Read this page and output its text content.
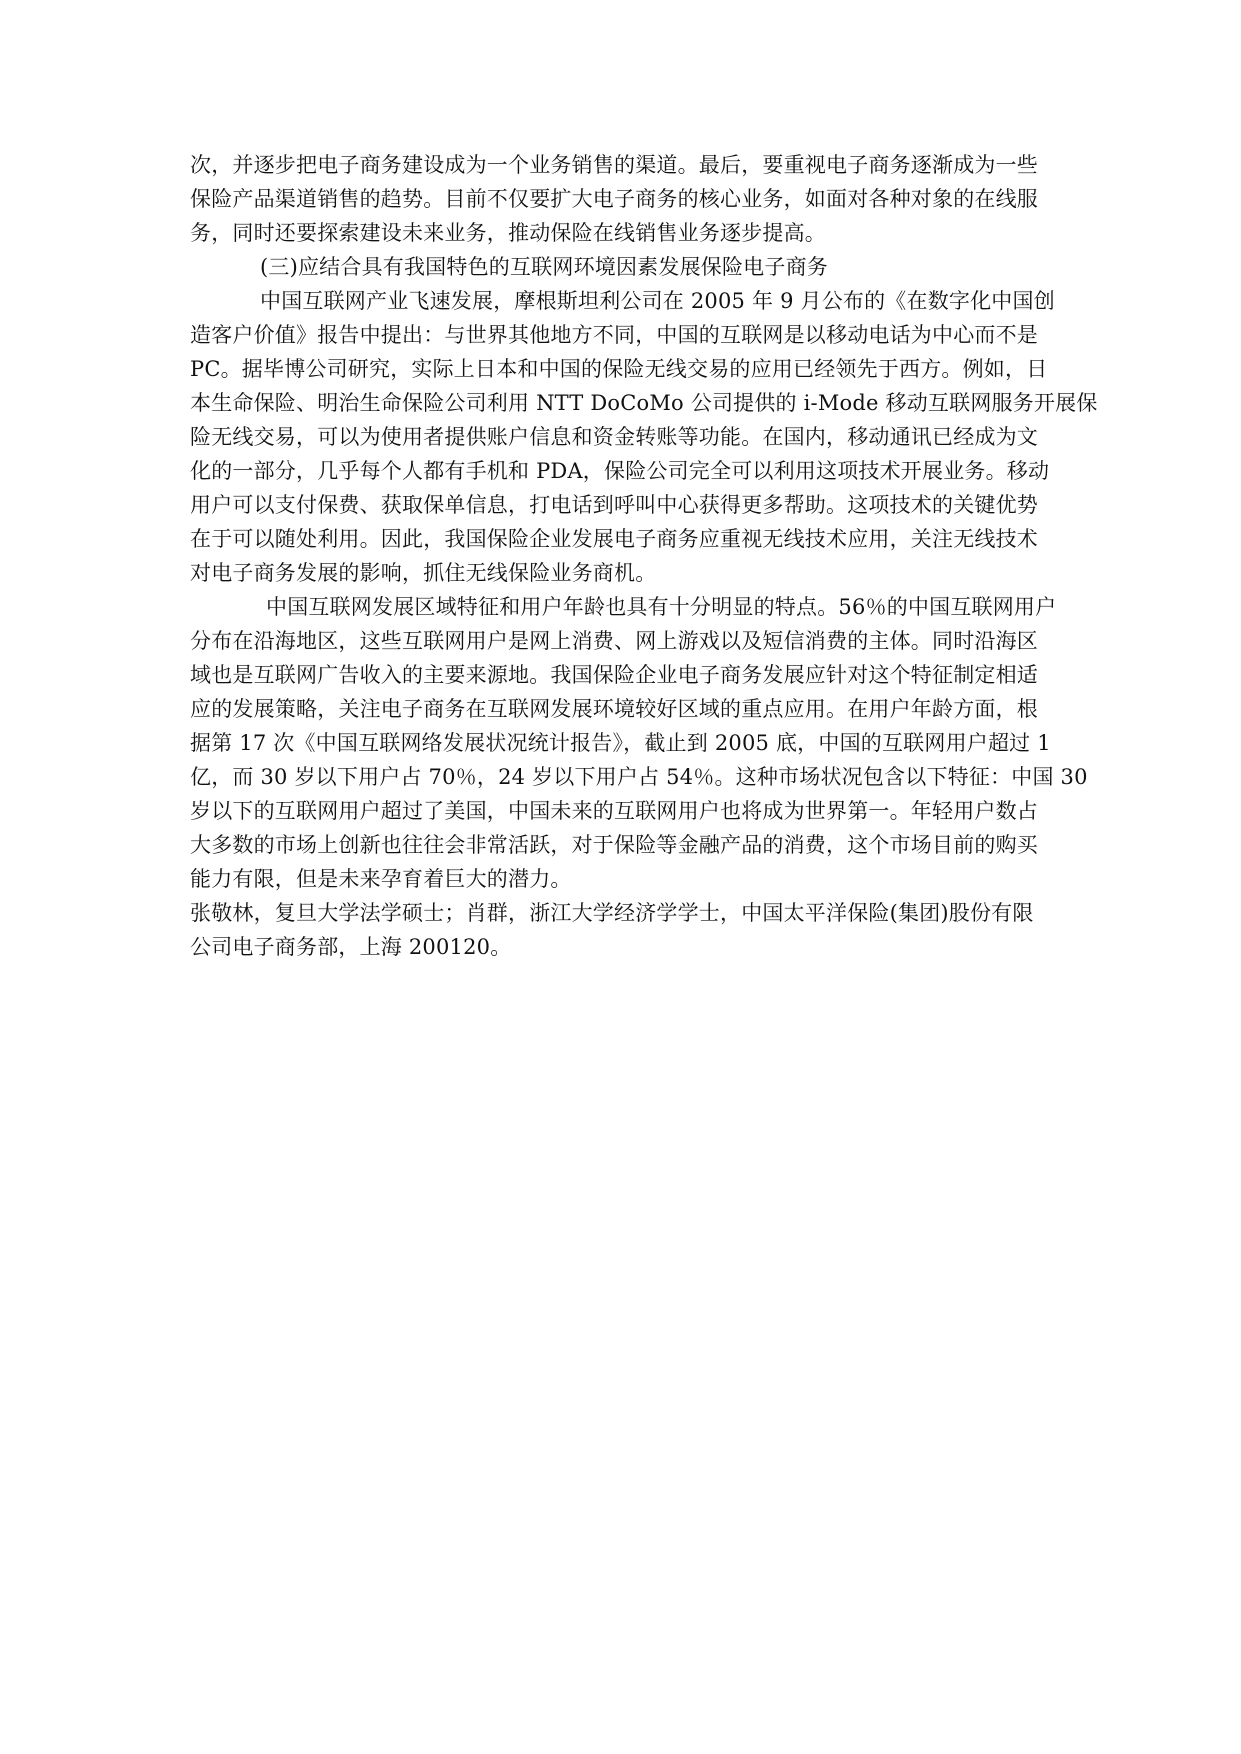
次，并逐步把电子商务建设成为一个业务销售的渠道。最后，要重视电子商务逐渐成为一些
保险产品渠道销售的趋势。目前不仅要扩大电子商务的核心业务，如面对各种对象的在线服
务，同时还要探索建设未来业务，推动保险在线销售业务逐步提高。
(三)应结合具有我国特色的互联网环境因素发展保险电子商务
中国互联网产业飞速发展，摩根斯坦利公司在 2005 年 9 月公布的《在数字化中国创
造客户价值》报告中提出：与世界其他地方不同，中国的互联网是以移动电话为中心而不是
PC。据毕博公司研究，实际上日本和中国的保险无线交易的应用已经领先于西方。例如，日
本生命保险、明治生命保险公司利用 NTT DoCoMo 公司提供的 i-Mode 移动互联网服务开展保
险无线交易，可以为使用者提供账户信息和资金转账等功能。在国内，移动通讯已经成为文
化的一部分，几乎每个人都有手机和 PDA，保险公司完全可以利用这项技术开展业务。移动
用户可以支付保费、获取保单信息，打电话到呼叫中心获得更多帮助。这项技术的关键优势
在于可以随处利用。因此，我国保险企业发展电子商务应重视无线技术应用，关注无线技术
对电子商务发展的影响，抓住无线保险业务商机。
中国互联网发展区域特征和用户年龄也具有十分明显的特点。56％的中国互联网用户
分布在沿海地区，这些互联网用户是网上消费、网上游戏以及短信消费的主体。同时沿海区
域也是互联网广告收入的主要来源地。我国保险企业电子商务发展应针对这个特征制定相适
应的发展策略，关注电子商务在互联网发展环境较好区域的重点应用。在用户年龄方面，根
据第 17 次《中国互联网络发展状况统计报告》，截止到 2005 底，中国的互联网用户超过 1
亿，而 30 岁以下用户占 70％，24 岁以下用户占 54％。这种市场状况包含以下特征：中国 30
岁以下的互联网用户超过了美国，中国未来的互联网用户也将成为世界第一。年轻用户数占
大多数的市场上创新也往往会非常活跃，对于保险等金融产品的消费，这个市场目前的购买
能力有限，但是未来孕育着巨大的潜力。
张敬林，复旦大学法学硕士；肖群，浙江大学经济学学士，中国太平洋保险(集团)股份有限
公司电子商务部，上海 200120。
